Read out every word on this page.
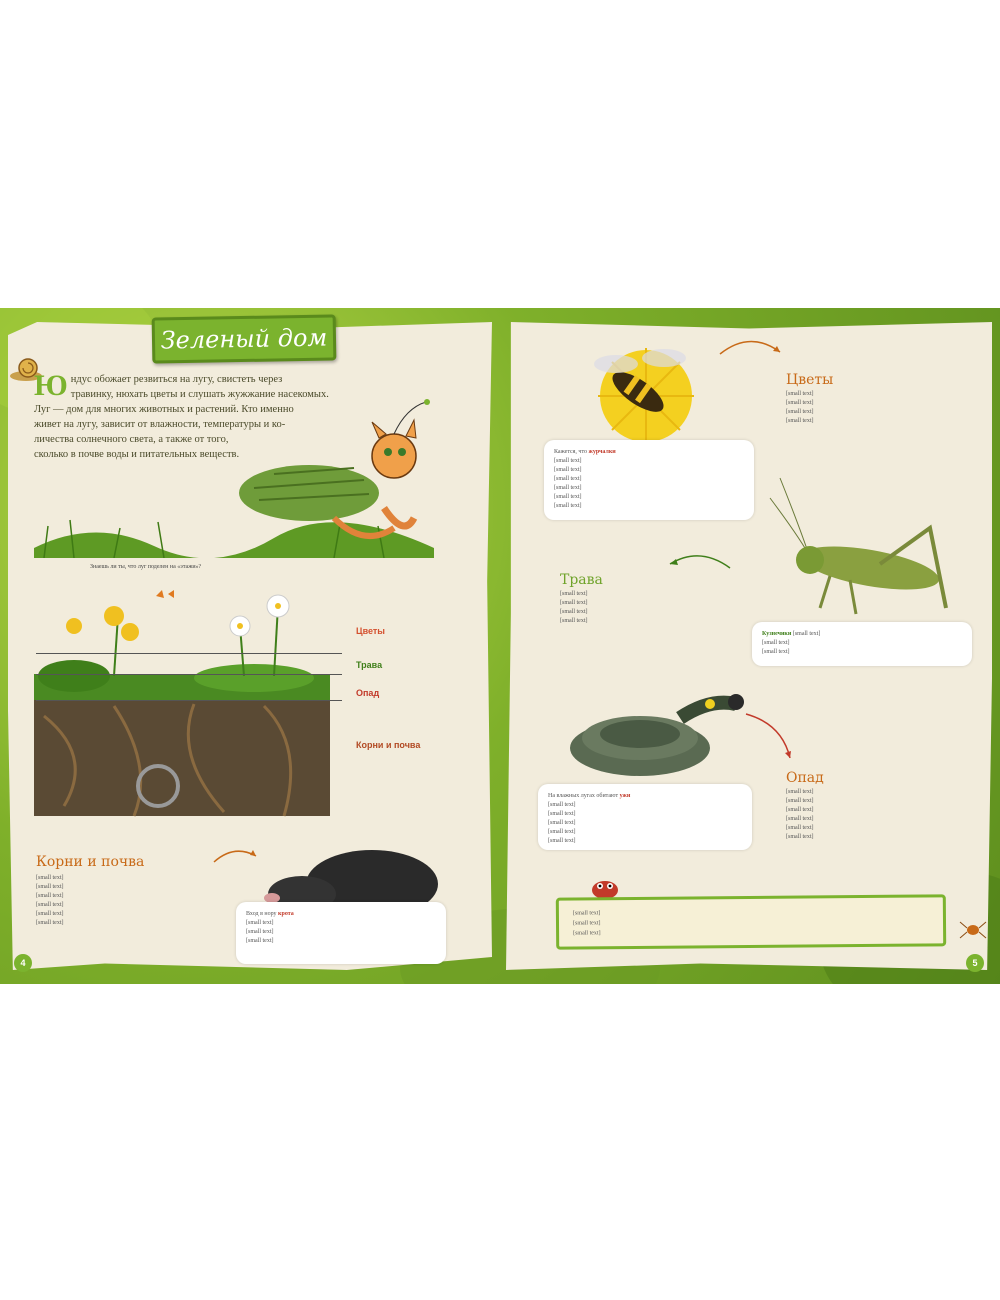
Зеленый дом
Ю ндус обожает резвиться на лугу, свистеть через
травинку, нюхать цветы и слушать жужжание насекомых.
Луг — дом для многих животных и растений. Кто именно
живет на лугу, зависит от влажности, температуры и ко-
личества солнечного света, а также от того,
сколько в почве воды и питательных веществ.
Знаешь ли ты, что луг поделен на «этажи»?
Цветы
Трава
Опад
Корни и почва
Корни и почва
[small text]
[small text]
[small text]
[small text]
[small text]
[small text]
Вход в нору крота
[small text]
[small text]
[small text]
4
Цветы
[small text]
[small text]
[small text]
[small text]
Кажется, что журчалки
[small text]
[small text]
[small text]
[small text]
[small text]
[small text]
Трава
[small text]
[small text]
[small text]
[small text]
Кузнечики [small text]
[small text]
[small text]
На влажных лугах обитают ужи
[small text]
[small text]
[small text]
[small text]
[small text]
Опад
[small text]
[small text]
[small text]
[small text]
[small text]
[small text]
[small text]
[small text]
[small text]
5
